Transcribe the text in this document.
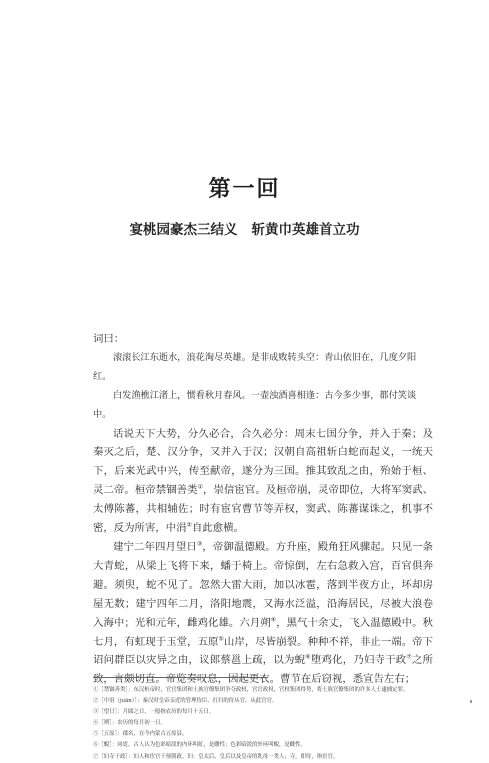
第一回
宴桃园豪杰三结义 斩黄巾英雄首立功

词曰：

滚滚长江东逝水，浪花淘尽英雄。是非成败转头空：青山依旧在，几度夕阳红。

白发渔樵江渚上，惯看秋月春风。一壶浊酒喜相逢：古今多少事，都付笑谈中。

话说天下大势，分久必合，合久必分：周末七国分争，并入于秦；及秦灭之后，楚、汉分争，又并入于汉；汉朝自高祖斩白蛇而起义，一统天下，后来光武中兴，传至献帝，遂分为三国。推其致乱之由，殆始于桓、灵二帝。桓帝禁锢善类①，崇信宦官。及桓帝崩，灵帝即位，大将军窦武、太傅陈蕃，共相辅佐；时有宦官曹节等弄权，窦武、陈蕃谋诛之，机事不密，反为所害，中涓②自此愈横。

建宁二年四月望日③，帝御温德殿。方升座，殿角狂风骤起。只见一条大青蛇，从梁上飞将下来，蟠于椅上。帝惊倒，左右急救入宫，百官俱奔避。须臾，蛇不见了。忽然大雷大雨，加以冰雹，落到半夜方止，坏却房屋无数；建宁四年二月，洛阳地震，又海水泛溢，沿海居民，尽被大浪卷入海中；光和元年，雌鸡化雄。六月朔④，黑气十余丈，飞入温德殿中。秋七月，有虹现于玉堂，五原⑤山岸，尽皆崩裂。种种不祥，非止一端。帝下诏问群臣以灾异之由，议郎蔡邕上疏，以为蜺⑥堕鸡化，乃妇寺干政⑦之所致，言颇切直。帝览奏叹息，因起更衣。曹节在后窃视，悉宣告左右；

①［禁锢善类］：东汉桓帝时，官官集团和士族官僚集团争夺政权，官官政权，官权集团得势，将士族官僚集团的许多人士逮捕定罪。

②［中涓（juān）］：秦汉时皇帝亲近的管理侍臣，打扫的侍从官，从此官官。

③［望日］：月圆之日，一般指农历的每月十五日。

④［朔］：农历的每月初一日。

⑤［五原］：郡名，在今内蒙古五原县。

⑥［蜺］：同霓，古人认为色彩暗淡的内环叫虹，是雌性；色彩暗淡的外环叫蜺，是雌性。

⑦［妇寺干政］：妇人和宦官干预朝政。妇：皇太后、皇后以及皇帝的乳母一类人；寺，即侍，指宦官。
